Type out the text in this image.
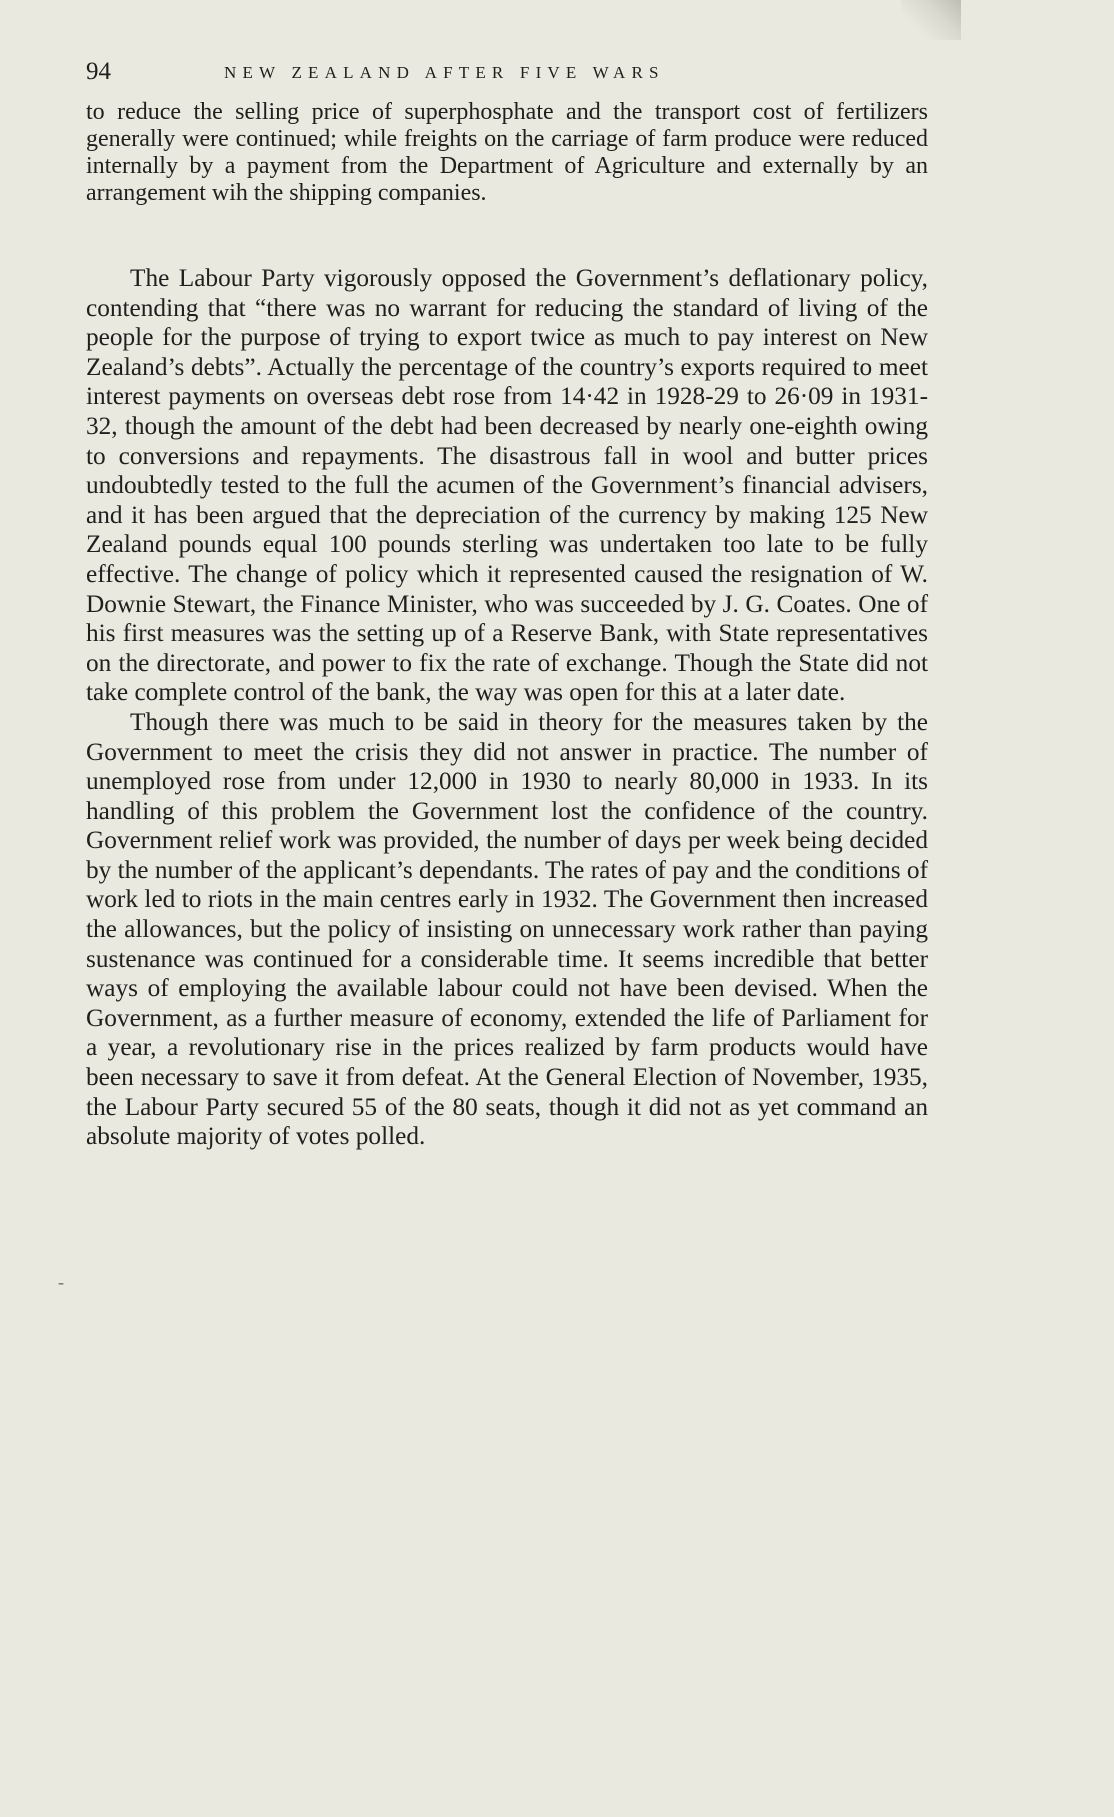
94	NEW ZEALAND AFTER FIVE WARS

to reduce the selling price of superphosphate and the transport cost of fertilizers generally were continued; while freights on the carriage of farm produce were reduced internally by a payment from the Department of Agriculture and externally by an arrangement wih the shipping companies.

The Labour Party vigorously opposed the Government’s deflationary policy, contending that “there was no warrant for reducing the standard of living of the people for the purpose of trying to export twice as much to pay interest on New Zealand’s debts”. Actually the percentage of the country’s exports required to meet interest payments on overseas debt rose from 14·42 in 1928-29 to 26·09 in 1931-32, though the amount of the debt had been decreased by nearly one-eighth owing to conversions and repayments. The disastrous fall in wool and butter prices undoubtedly tested to the full the acumen of the Government’s financial advisers, and it has been argued that the depreciation of the currency by making 125 New Zealand pounds equal 100 pounds sterling was undertaken too late to be fully effective. The change of policy which it represented caused the resignation of W. Downie Stewart, the Finance Minister, who was succeeded by J. G. Coates. One of his first measures was the setting up of a Reserve Bank, with State representatives on the directorate, and power to fix the rate of exchange. Though the State did not take complete control of the bank, the way was open for this at a later date.

Though there was much to be said in theory for the measures taken by the Government to meet the crisis they did not answer in practice. The number of unemployed rose from under 12,000 in 1930 to nearly 80,000 in 1933. In its handling of this problem the Government lost the confidence of the country. Government relief work was provided, the number of days per week being decided by the number of the applicant’s dependants. The rates of pay and the conditions of work led to riots in the main centres early in 1932. The Government then increased the allowances, but the policy of insisting on unnecessary work rather than paying sustenance was continued for a considerable time. It seems incredible that better ways of employing the available labour could not have been devised. When the Government, as a further measure of economy, extended the life of Parliament for a year, a revolutionary rise in the prices realized by farm products would have been necessary to save it from defeat. At the General Election of November, 1935, the Labour Party secured 55 of the 80 seats, though it did not as yet command an absolute majority of votes polled.

-
